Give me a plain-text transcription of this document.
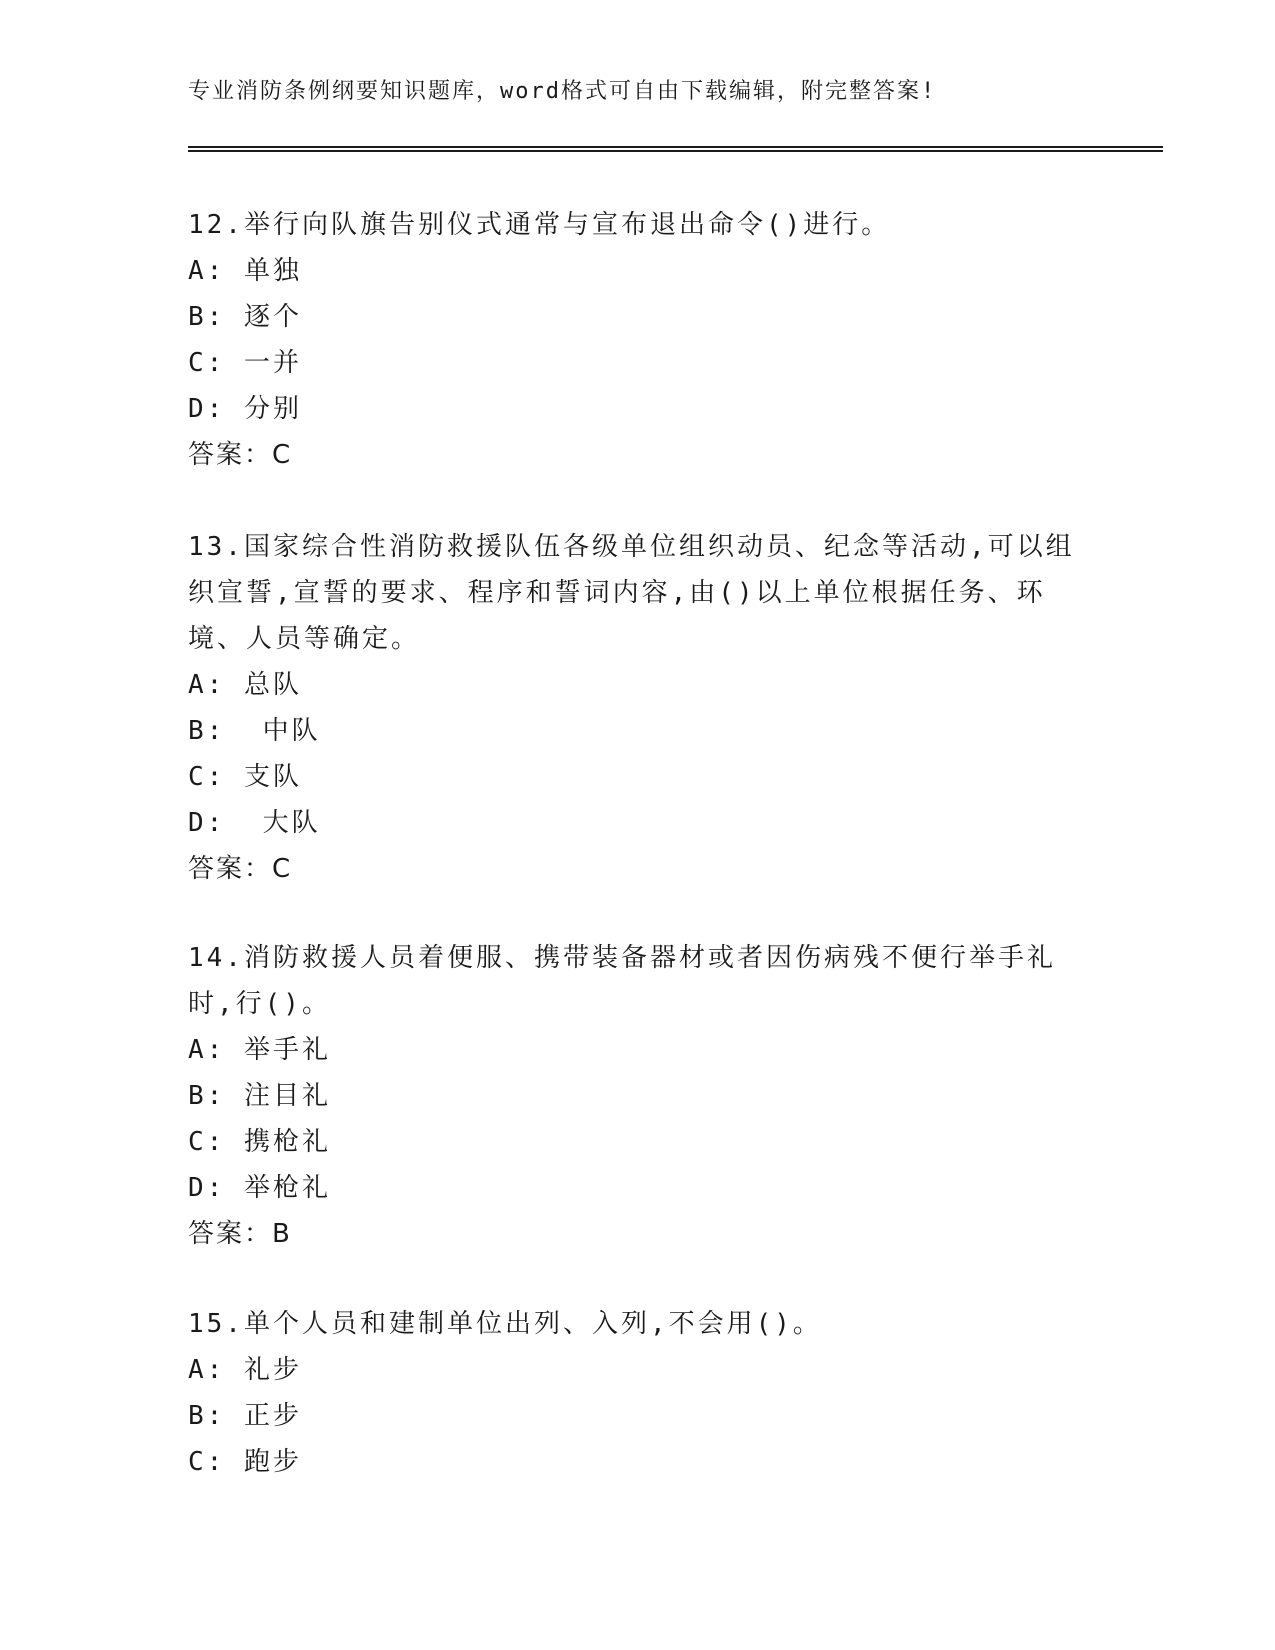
专业消防条例纲要知识题库，word格式可自由下载编辑，附完整答案!

12.举行向队旗告别仪式通常与宣布退出命令()进行。

A: 单独
B: 逐个
C: 一并
D: 分别
答案：C

13.国家综合性消防救援队伍各级单位组织动员、纪念等活动,可以组织宣誓,宣誓的要求、程序和誓词内容,由()以上单位根据任务、环境、人员等确定。

A: 总队
B:  中队
C: 支队
D:  大队
答案：C

14.消防救援人员着便服、携带装备器材或者因伤病残不便行举手礼时,行()。

A: 举手礼
B: 注目礼
C: 携枪礼
D: 举枪礼
答案：B

15.单个人员和建制单位出列、入列,不会用()。

A: 礼步
B: 正步
C: 跑步
